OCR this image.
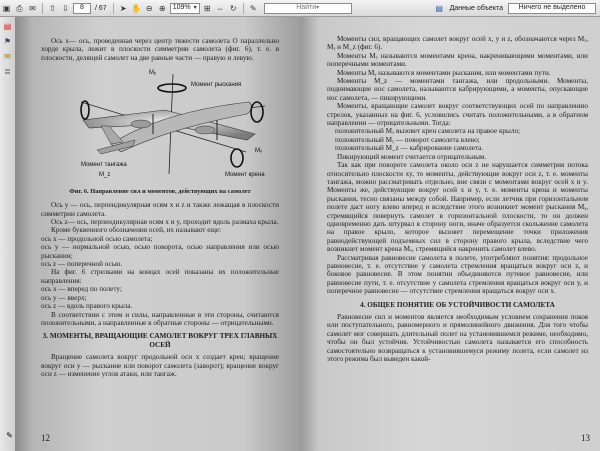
▣ ⎙ ✉ ⇧ ⇩	8	/ 67 ➤ ✋ ⊖ ⊕	109% ▾ ⊞ ⇔ ↻ ✎	Найти ▾	▤ Данные объекта	Ничего не выделено
▤
⚑
✉
≣
✎

Ось x— ось, проведенная через центр тяжести самолета O параллельно хорде крыла, лежит в плоскости симметрии самолета (фиг. 6), т. е. в плоскости, делящей самолет на две равные части — правую и левую.

Mᵧ
Момент рыскания
Момент тангажа
M_z	Момент крена
Mₓ

Фиг. 6. Направление сил и моментов, действующих на самолет

Ось y — ось, перпендикулярная осям x и z и также лежащая в плоскости симметрии самолета.

Ось z— ось, перпендикулярная осям x и y, проходит вдоль размаха крыла.

Кроме буквенного обозначения осей, их называют еще:

ось x — продольной осью самолета;

ось y — нормальной осью, осью поворота, осью направления или осью рыскания;

ось z — поперечной осью.

На фиг. 6 стрелками на концах осей показаны их положительные направления:

ось x — вперед по полету;

ось y — вверх;

ось z — вдоль правого крыла.

В соответствии с этим и силы, направленные в эти стороны, считаются положительными, а направленные в обратные стороны — отрицательными.

3. МОМЕНТЫ, ВРАЩАЮЩИЕ САМОЛЕТ ВОКРУГ ТРЕХ ГЛАВНЫХ ОСЕЙ

Вращение самолета вокруг продольной оси x создает крен; вращение вокруг оси y — рыскание или поворот самолета (заворот); вращение вокруг оси z — изменение углов атаки, или тангаж.

12

Моменты сил, вращающих самолет вокруг осей x, y и z, обозначаются через Mₓ, Mᵧ и M_z (фиг. 6).

Моменты Mₓ называются моментами крена, накренивающими моментами, или поперечными моментами.

Моменты Mᵧ называются моментами рыскания, или моментами пути.

Моменты M_z — моментами тангажа, или продольными. Моменты, поднимающие нос самолета, называются кабрирующими, а моменты, опускающие нос самолета, — пикирующими.

Моменты, вращающие самолет вокруг соответствующих осей по направлению стрелок, указанных на фиг. 6, условились считать положительными, а в обратном направлении — отрицательными. Тогда:

положительный Mₓ вызовет крен самолета на правое крыло;

положительный Mᵧ — поворот самолета влево;

положительный M_z — кабрирование самолета.

Пикирующий момент считается отрицательным.

Так как при повороте самолета около оси z не нарушается симметрия потока относительно плоскости xy, то моменты, действующие вокруг оси z, т. е. моменты тангажа, можно рассматривать отдельно, вне связи с моментами вокруг осей x и y. Моменты же, действующие вокруг осей x и y, т. е. моменты крена и моменты рыскания, тесно связаны между собой. Например, если летчик при горизонтальном полете даст ногу влево вперед и вследствие этого возникнет момент рыскания Mᵧ, стремящийся повернуть самолет в горизонтальной плоскости, то он должен одновременно дать штурвал в сторону ноги, иначе образуется скольжение самолета на правое крыло, которое вызовет перемещение точки приложения равнодействующей подъемных сил в сторону правого крыла, вследствие чего возникнет момент крена Mₓ, стремящийся накренить самолет влево.

Рассматривая равновесие самолета в полете, употребляют понятия: продольное равновесие, т. е. отсутствие у самолета стремления вращаться вокруг оси z, и боковое равновесие. В этом понятии объединяются путевое равновесие, или равновесие пути, т. е. отсутствие у самолета стремления вращаться вокруг оси y, и поперечное равновесие — отсутствие стремления вращаться вокруг оси x.

4. ОБЩЕЕ ПОНЯТИЕ ОБ УСТОЙЧИВОСТИ САМОЛЕТА

Равновесие сил и моментов является необходимым условием сохранения покоя или поступательного, равномерного и прямолинейного движения. Для того чтобы самолет мог совершать длительный полет на установившемся режиме, необходимо, чтобы он был устойчив. Устойчивостью самолета называется его способность самостоятельно возвращаться к установившемуся режиму полета, если самолет из этого режима был выведен какой-

13
